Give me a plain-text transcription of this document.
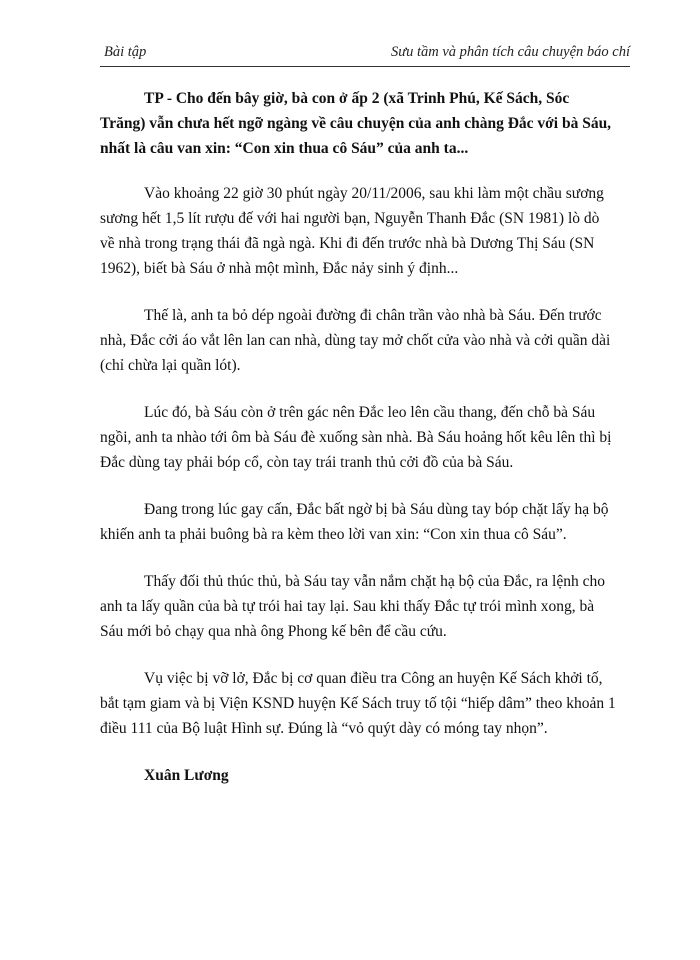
Bài tập	Sưu tầm và phân tích câu chuyện báo chí

TP - Cho đến bây giờ, bà con ở ấp 2 (xã Trinh Phú, Kế Sách, Sóc Trăng) vẫn chưa hết ngỡ ngàng về câu chuyện của anh chàng Đắc với bà Sáu, nhất là câu van xin: “Con xin thua cô Sáu” của anh ta...

Vào khoảng 22 giờ 30 phút ngày 20/11/2006, sau khi làm một chầu sương sương hết 1,5 lít rượu đế với hai người bạn, Nguyễn Thanh Đắc (SN 1981) lò dò về nhà trong trạng thái đã ngà ngà. Khi đi đến trước nhà bà Dương Thị Sáu (SN 1962), biết bà Sáu ở nhà một mình, Đắc nảy sinh ý định...

Thế là, anh ta bỏ dép ngoài đường đi chân trần vào nhà bà Sáu. Đến trước nhà, Đắc cởi áo vắt lên lan can nhà, dùng tay mở chốt cửa vào nhà và cởi quần dài (chỉ chừa lại quần lót).

Lúc đó, bà Sáu còn ở trên gác nên Đắc leo lên cầu thang, đến chỗ bà Sáu ngồi, anh ta nhào tới ôm bà Sáu đè xuống sàn nhà. Bà Sáu hoảng hốt kêu lên thì bị Đắc dùng tay phải bóp cổ, còn tay trái tranh thủ cởi đồ của bà Sáu.

Đang trong lúc gay cấn, Đắc bất ngờ bị bà Sáu dùng tay bóp chặt lấy hạ bộ khiến anh ta phải buông bà ra kèm theo lời van xin: “Con xin thua cô Sáu”.

Thấy đối thủ thúc thủ, bà Sáu tay vẫn nắm chặt hạ bộ của Đắc, ra lệnh cho anh ta lấy quần của bà tự trói hai tay lại. Sau khi thấy Đắc tự trói mình xong, bà Sáu mới bỏ chạy qua nhà ông Phong kế bên để cầu cứu.

Vụ việc bị vỡ lở, Đắc bị cơ quan điều tra Công an huyện Kế Sách khởi tố, bắt tạm giam và bị Viện KSND huyện Kế Sách truy tố tội “hiếp dâm” theo khoản 1 điều 111 của Bộ luật Hình sự. Đúng là “vỏ quýt dày có móng tay nhọn”.

Xuân Lương
